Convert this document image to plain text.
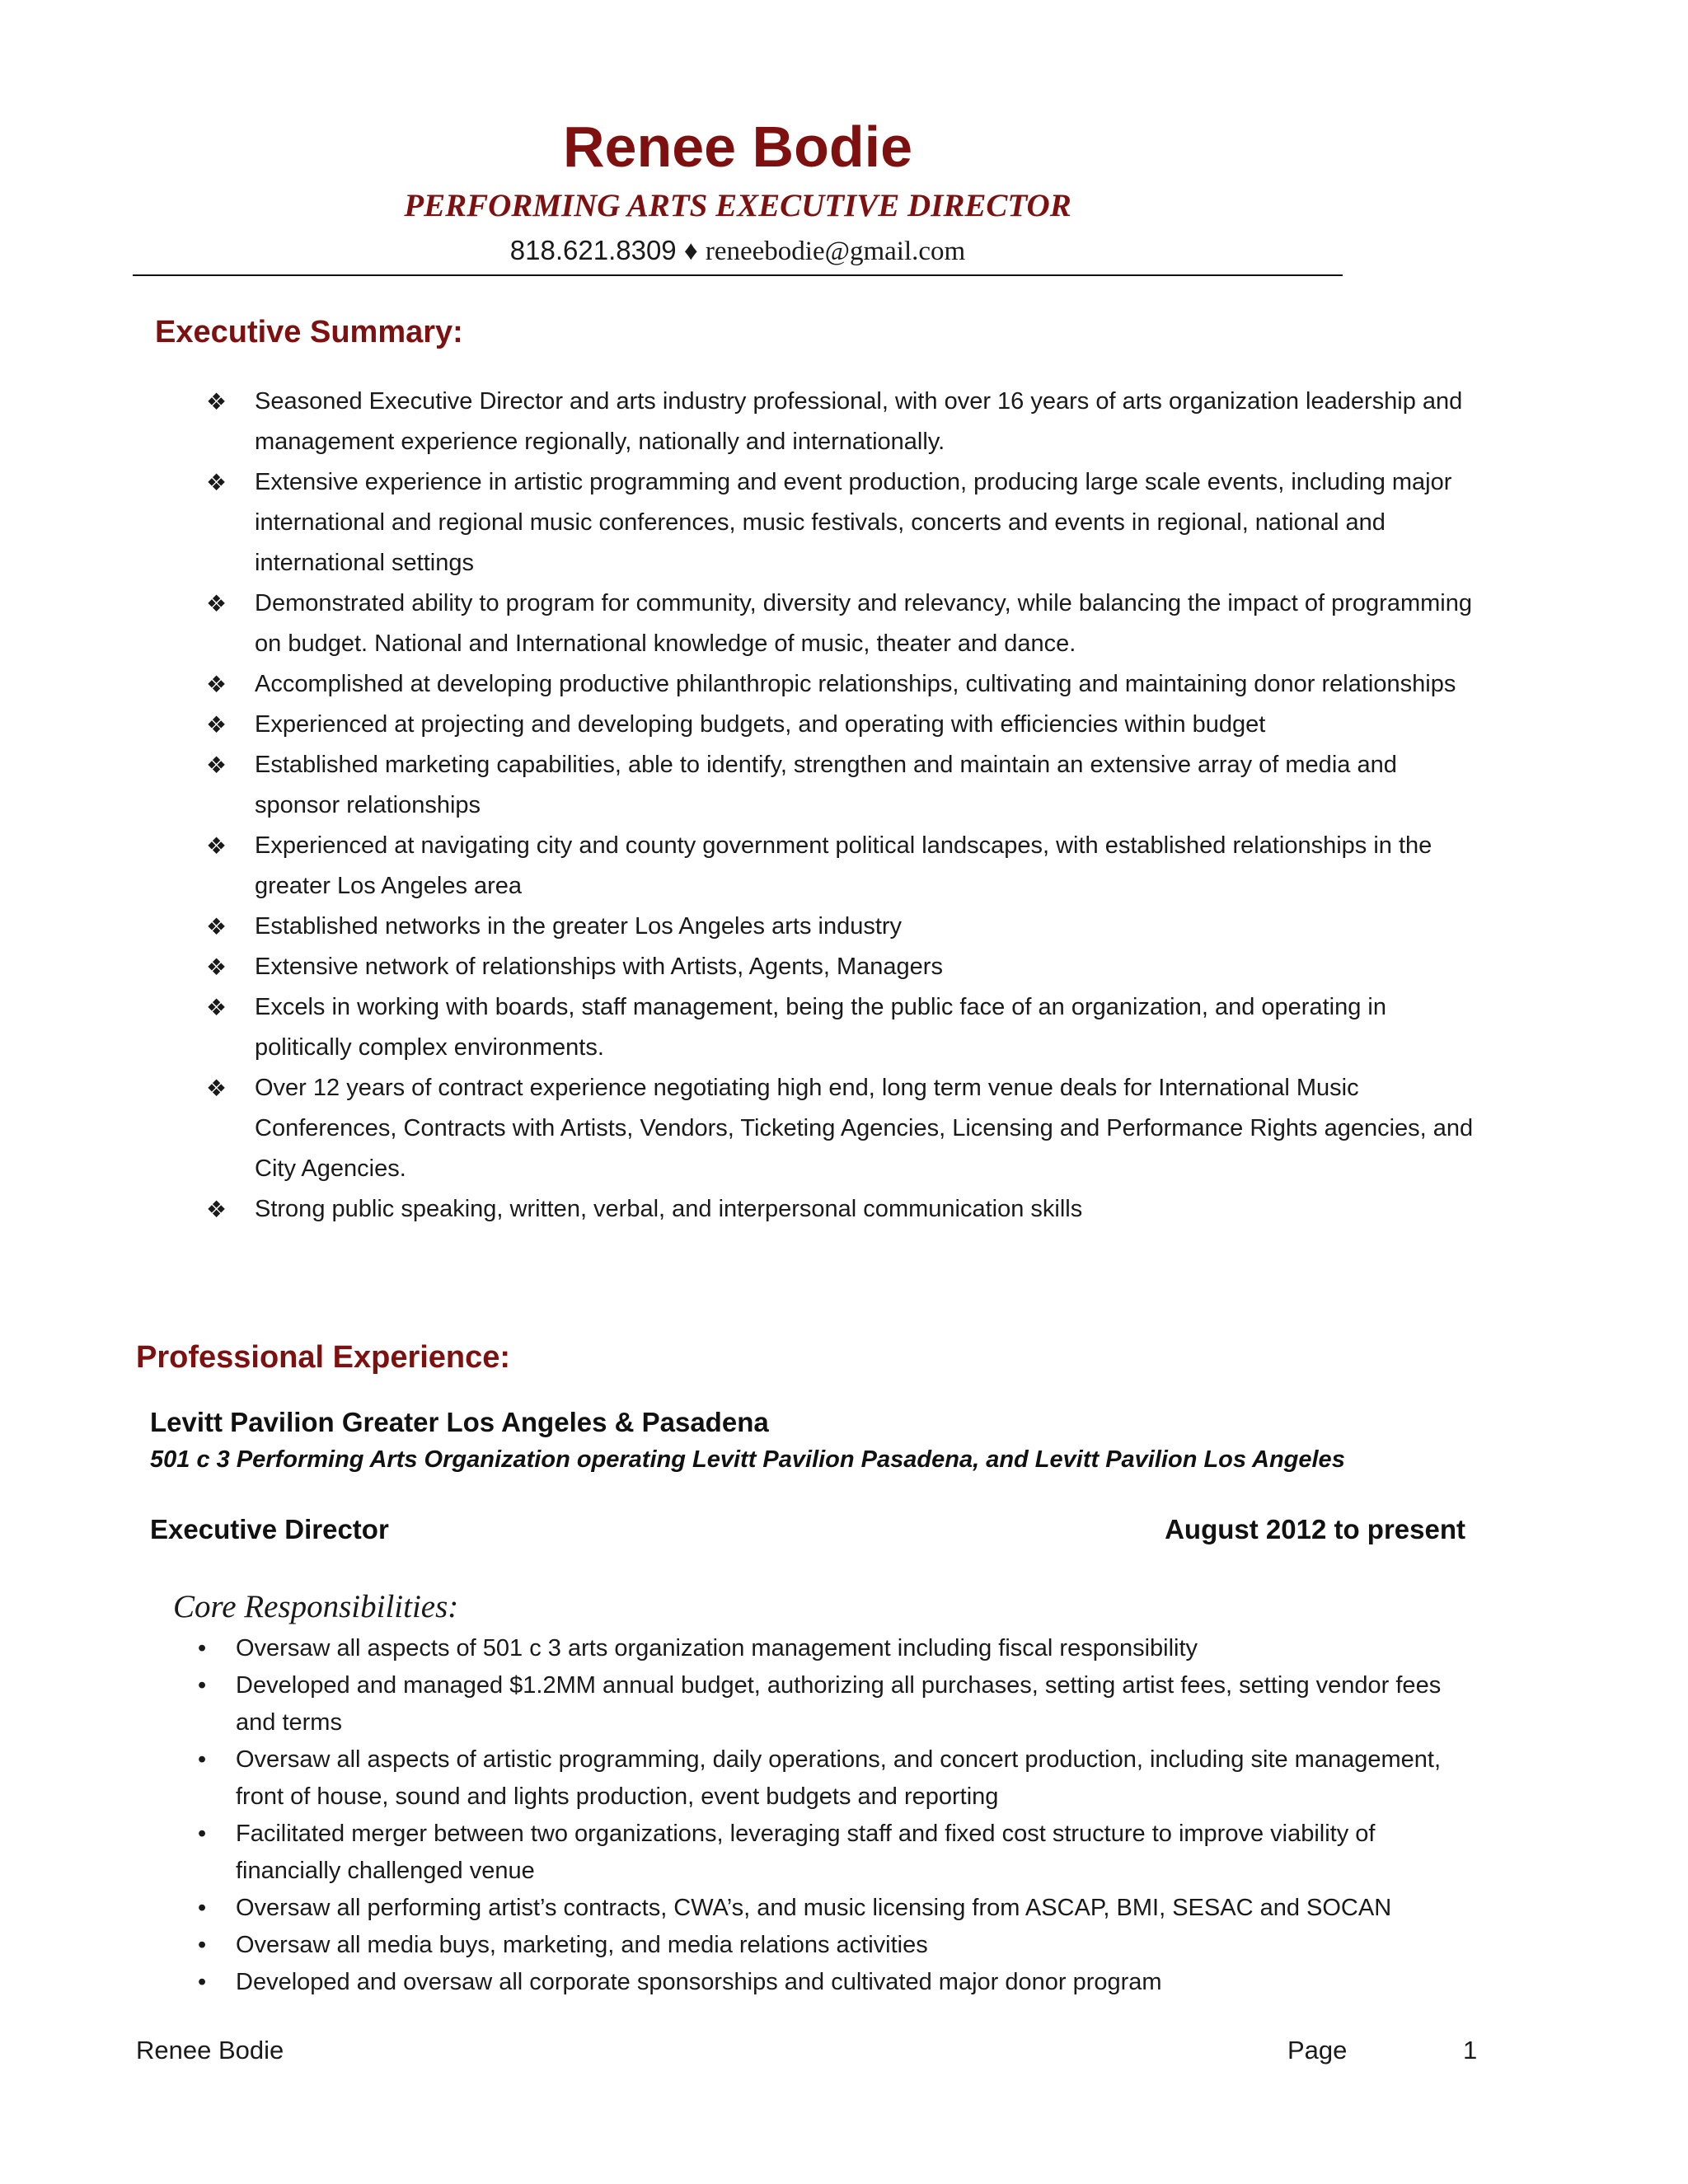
Renee Bodie
PERFORMING ARTS EXECUTIVE DIRECTOR
818.621.8309 ♦ reneebodie@gmail.com
Executive Summary:
❖ Seasoned Executive Director and arts industry professional, with over 16 years of arts organization leadership and management experience regionally, nationally and internationally.
❖ Extensive experience in artistic programming and event production, producing large scale events, including major international and regional music conferences, music festivals, concerts and events in regional, national and international settings
❖ Demonstrated ability to program for community, diversity and relevancy, while balancing the impact of programming on budget. National and International knowledge of music, theater and dance.
❖ Accomplished at developing productive philanthropic relationships, cultivating and maintaining donor relationships
❖ Experienced at projecting and developing budgets, and operating with efficiencies within budget
❖ Established marketing capabilities, able to identify, strengthen and maintain an extensive array of media and sponsor relationships
❖ Experienced at navigating city and county government political landscapes, with established relationships in the greater Los Angeles area
❖ Established networks in the greater Los Angeles arts industry
❖ Extensive network of relationships with Artists, Agents, Managers
❖ Excels in working with boards, staff management, being the public face of an organization, and operating in politically complex environments.
❖ Over 12 years of contract experience negotiating high end, long term venue deals for International Music Conferences, Contracts with Artists, Vendors, Ticketing Agencies, Licensing and Performance Rights agencies, and City Agencies.
❖ Strong public speaking, written, verbal, and interpersonal communication skills
Professional Experience:
Levitt Pavilion Greater Los Angeles & Pasadena
501 c 3 Performing Arts Organization operating Levitt Pavilion Pasadena, and Levitt Pavilion Los Angeles
Executive Director	August 2012 to present
Core Responsibilities:
• Oversaw all aspects of 501 c 3 arts organization management including fiscal responsibility
• Developed and managed $1.2MM annual budget, authorizing all purchases, setting artist fees, setting vendor fees and terms
• Oversaw all aspects of artistic programming, daily operations, and concert production, including site management, front of house, sound and lights production, event budgets and reporting
• Facilitated merger between two organizations, leveraging staff and fixed cost structure to improve viability of financially challenged venue
• Oversaw all performing artist’s contracts, CWA’s, and music licensing from ASCAP, BMI, SESAC and SOCAN
• Oversaw all media buys, marketing, and media relations activities
• Developed and oversaw all corporate sponsorships and cultivated major donor program
Renee Bodie	Page	1
